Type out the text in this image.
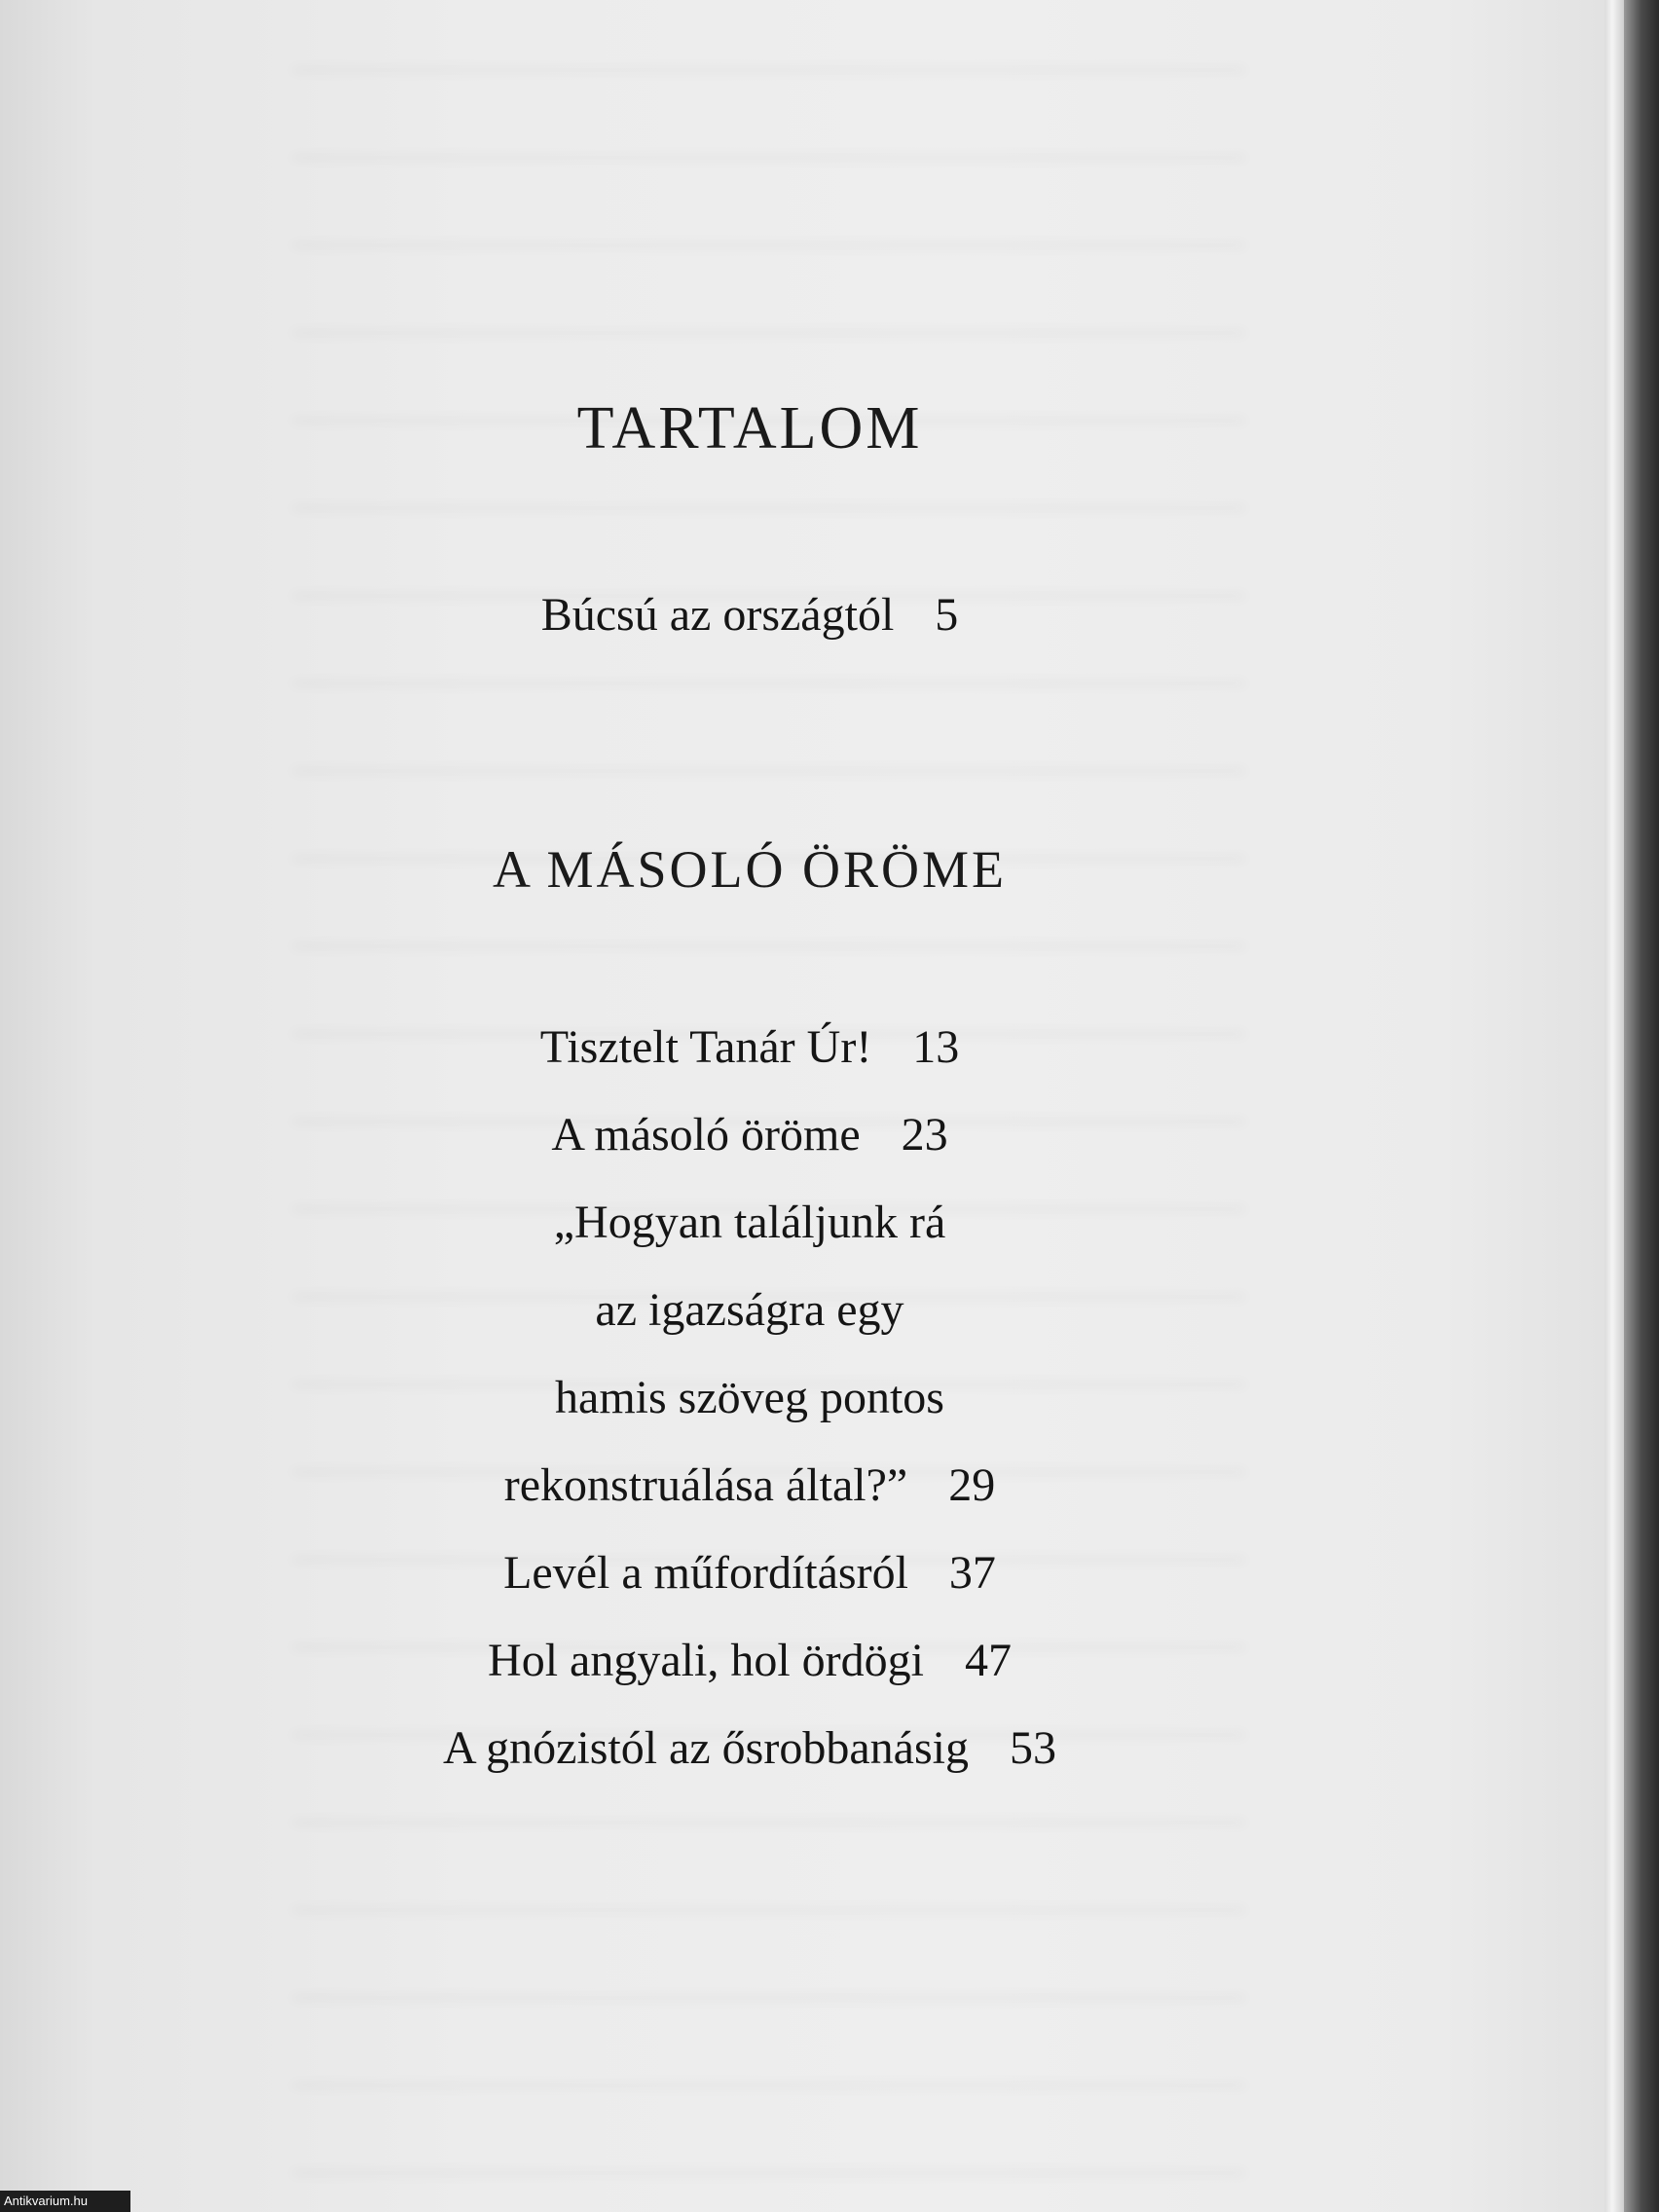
TARTALOM
Búcsú az országtól 5
A MÁSOLÓ ÖRÖME
Tisztelt Tanár Úr! 13
A másoló öröme 23
„Hogyan találjunk rá
az igazságra egy
hamis szöveg pontos
rekonstruálása által?” 29
Levél a műfordításról 37
Hol angyali, hol ördögi 47
A gnózistól az ősrobbanásig 53
Antikvarium.hu
